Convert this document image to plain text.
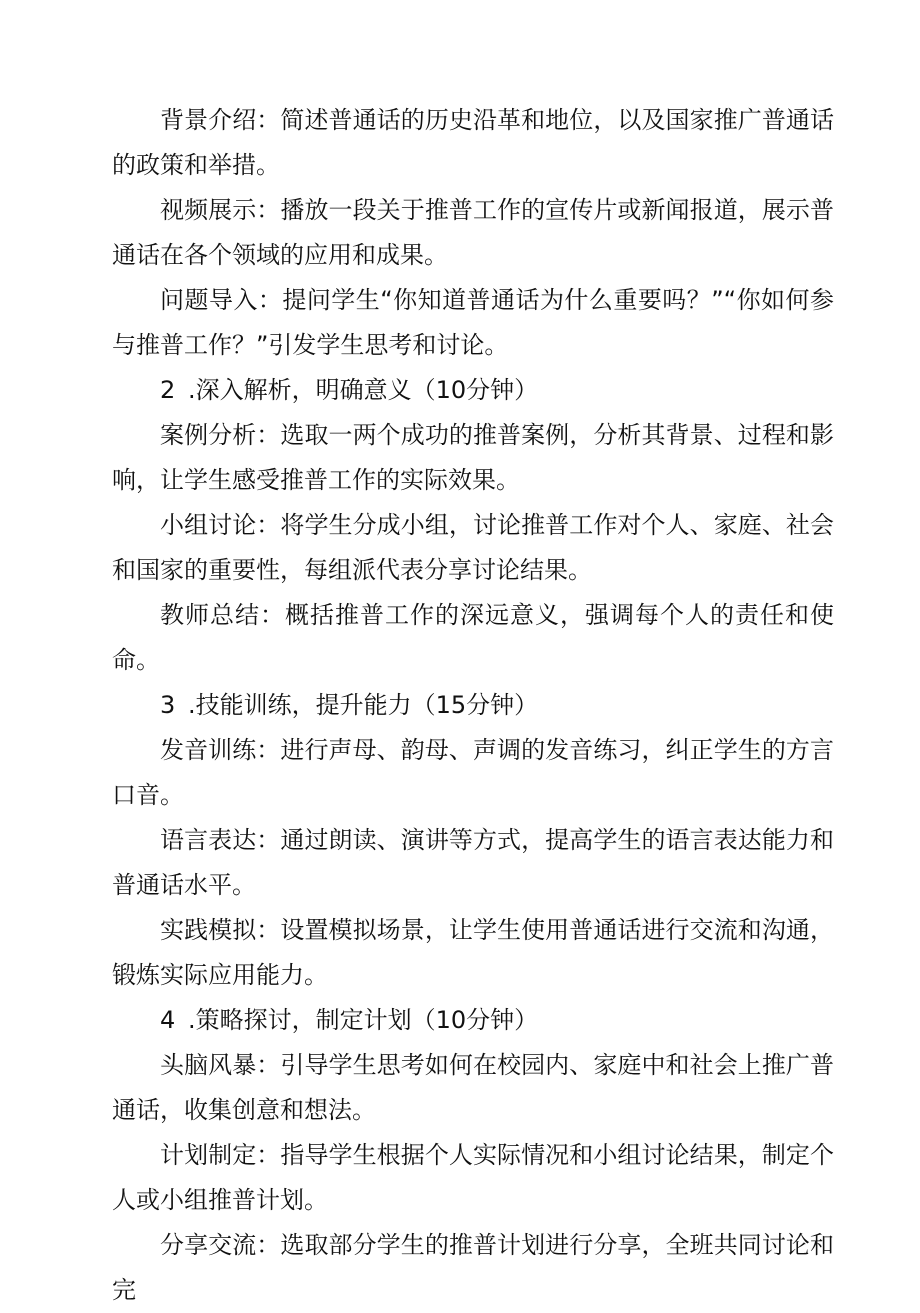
背景介绍：简述普通话的历史沿革和地位，以及国家推广普通话的政策和举措。

视频展示：播放一段关于推普工作的宣传片或新闻报道，展示普通话在各个领域的应用和成果。

问题导入：提问学生“你知道普通话为什么重要吗？”“你如何参与推普工作？”引发学生思考和讨论。

2 .深入解析，明确意义（10分钟）

案例分析：选取一两个成功的推普案例，分析其背景、过程和影响，让学生感受推普工作的实际效果。

小组讨论：将学生分成小组，讨论推普工作对个人、家庭、社会和国家的重要性，每组派代表分享讨论结果。

教师总结：概括推普工作的深远意义，强调每个人的责任和使命。

3 .技能训练，提升能力（15分钟）

发音训练：进行声母、韵母、声调的发音练习，纠正学生的方言口音。

语言表达：通过朗读、演讲等方式，提高学生的语言表达能力和普通话水平。

实践模拟：设置模拟场景，让学生使用普通话进行交流和沟通，锻炼实际应用能力。

4 .策略探讨，制定计划（10分钟）

头脑风暴：引导学生思考如何在校园内、家庭中和社会上推广普通话，收集创意和想法。

计划制定：指导学生根据个人实际情况和小组讨论结果，制定个人或小组推普计划。

分享交流：选取部分学生的推普计划进行分享，全班共同讨论和完
